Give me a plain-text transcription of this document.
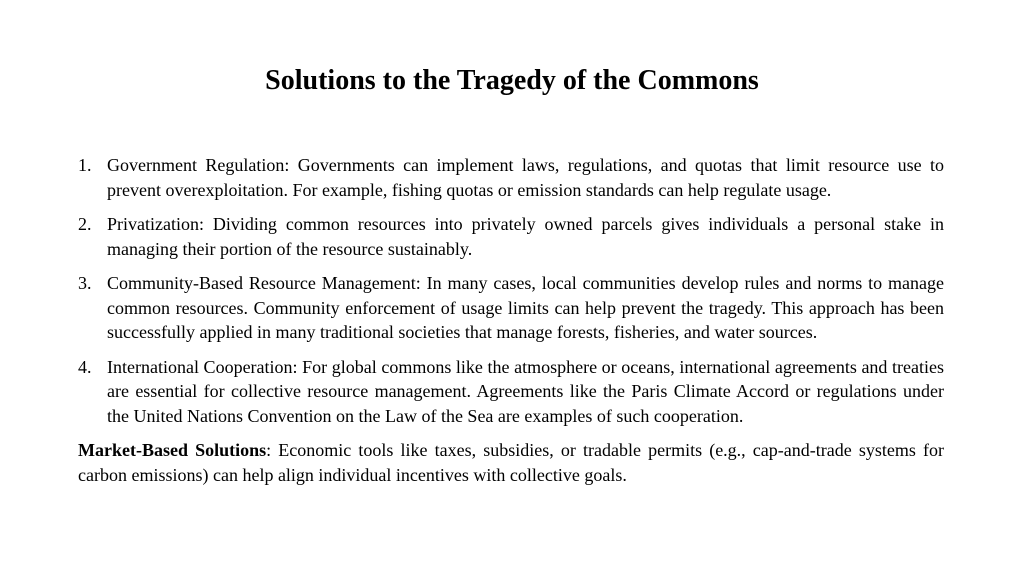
Solutions to the Tragedy of the Commons
1. Government Regulation: Governments can implement laws, regulations, and quotas that limit resource use to prevent overexploitation. For example, fishing quotas or emission standards can help regulate usage.
2. Privatization: Dividing common resources into privately owned parcels gives individuals a personal stake in managing their portion of the resource sustainably.
3. Community-Based Resource Management: In many cases, local communities develop rules and norms to manage common resources. Community enforcement of usage limits can help prevent the tragedy. This approach has been successfully applied in many traditional societies that manage forests, fisheries, and water sources.
4. International Cooperation: For global commons like the atmosphere or oceans, international agreements and treaties are essential for collective resource management. Agreements like the Paris Climate Accord or regulations under the United Nations Convention on the Law of the Sea are examples of such cooperation.

Market-Based Solutions: Economic tools like taxes, subsidies, or tradable permits (e.g., cap-and-trade systems for carbon emissions) can help align individual incentives with collective goals.
